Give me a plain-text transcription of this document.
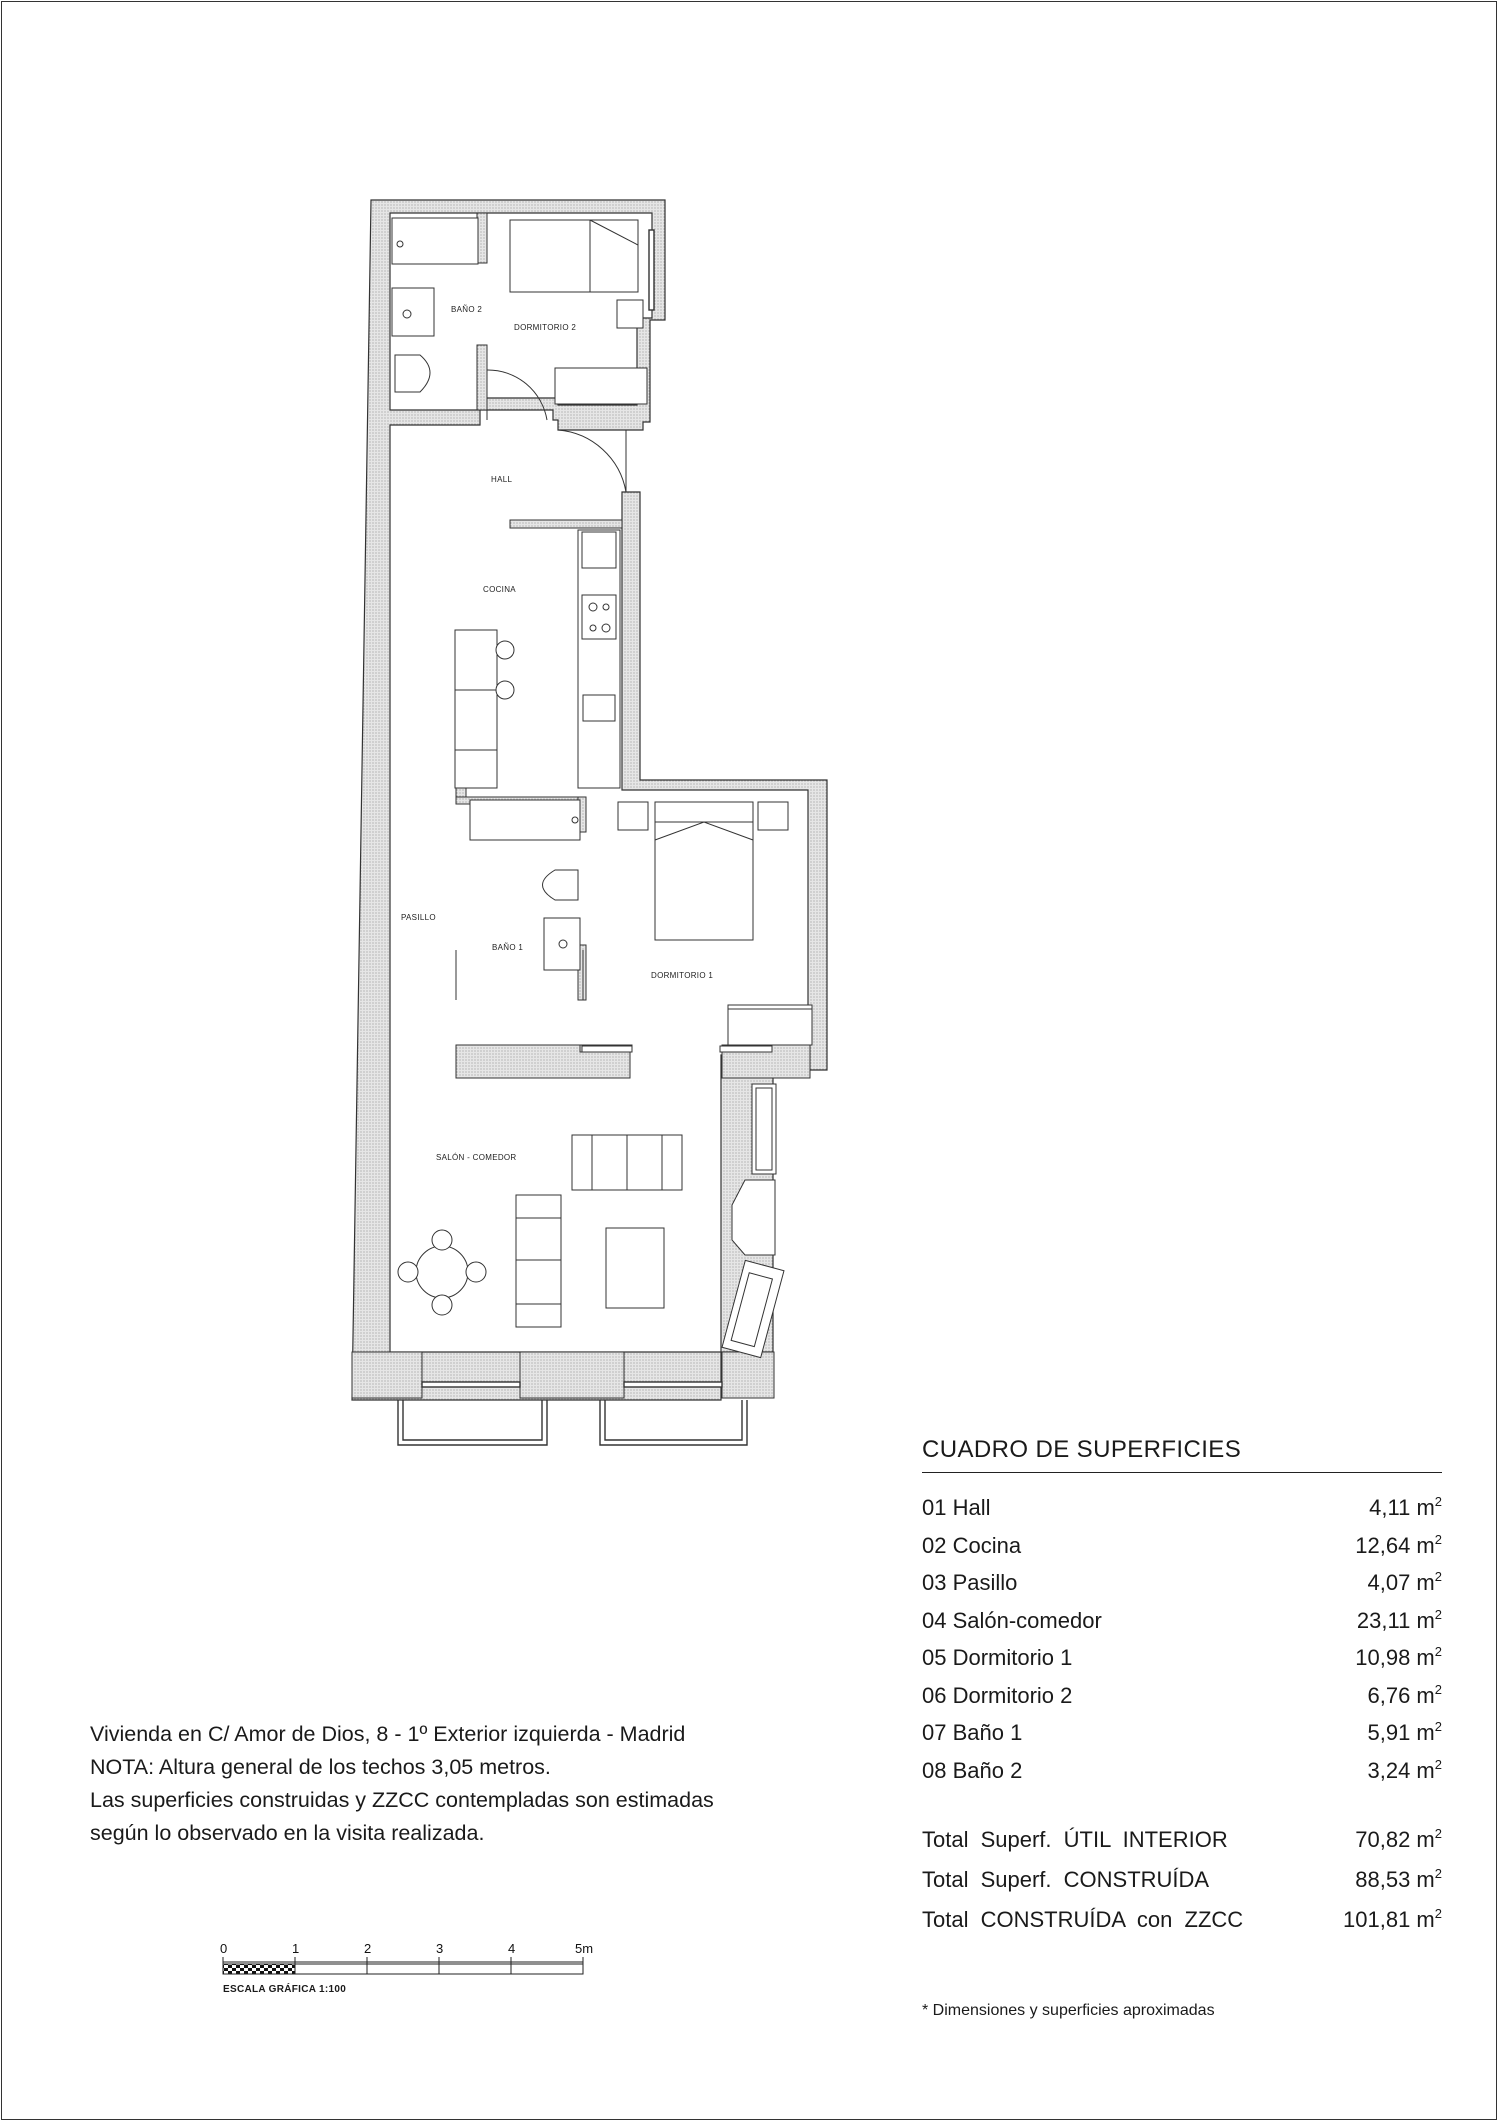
BAÑO 2
DORMITORIO 2
HALL
COCINA
PASILLO
BAÑO 1
DORMITORIO 1
SALÓN - COMEDOR
CUADRO DE SUPERFICIES
01 Hall	4,11 $m^2$
02 Cocina	12,64 $m^2$
03 Pasillo	4,07 $m^2$
04 Salón-comedor	23,11 $m^2$
05 Dormitorio 1	10,98 $m^2$
06 Dormitorio 2	6,76 $m^2$
07 Baño 1	5,91 $m^2$
08 Baño 2	3,24 $m^2$
Total Superf. ÚTIL INTERIOR	70,82 $m^2$
Total Superf. CONSTRUÍDA	88,53 $m^2$
Total CONSTRUÍDA con ZZCC	101,81 $m^2$
* Dimensiones y superficies aproximadas
Vivienda en C/ Amor de Dios, 8 - 1º Exterior izquierda - Madrid
NOTA: Altura general de los techos 3,05 metros.
Las superficies construidas y ZZCC contempladas son estimadas
según lo observado en la visita realizada.
0	1	2	3	4	5m
ESCALA GRÁFICA 1:100
